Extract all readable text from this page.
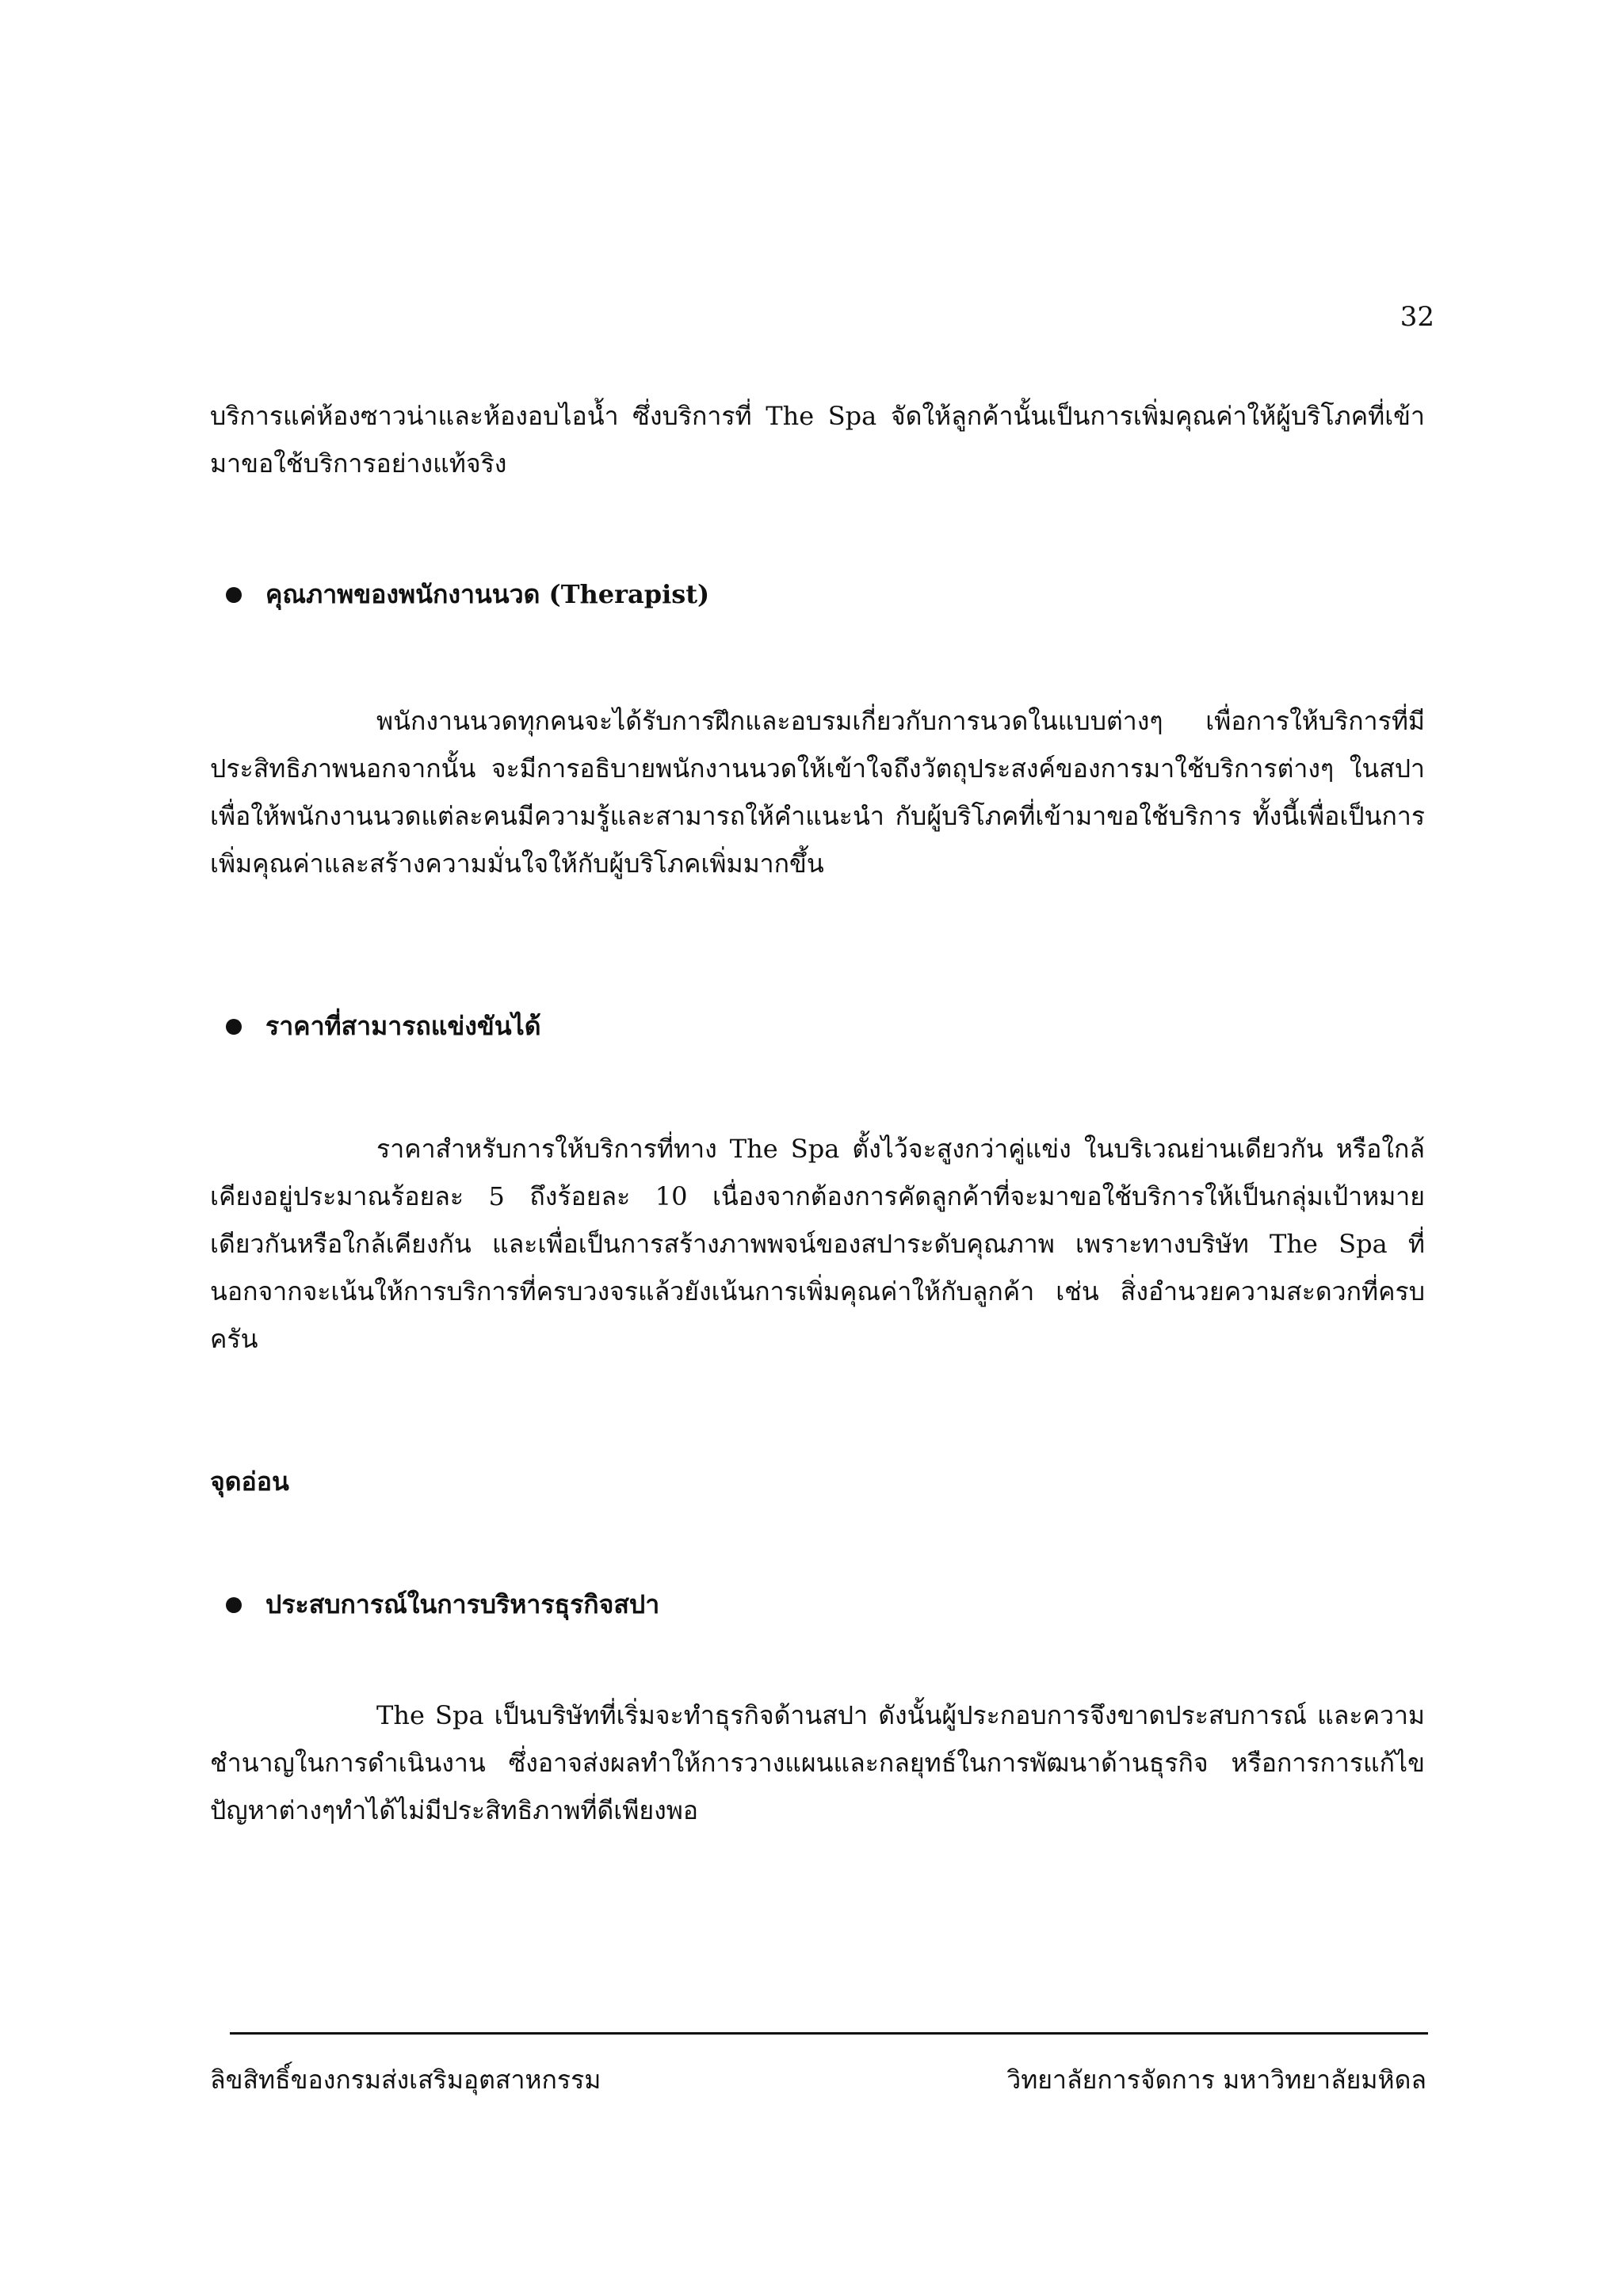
32

บริการแค่ห้องซาวน่าและห้องอบไอน้ำ ซึ่งบริการที่ The Spa จัดให้ลูกค้านั้นเป็นการเพิ่มคุณค่าให้ผู้บริโภคที่เข้ามาขอใช้บริการอย่างแท้จริง

คุณภาพของพนักงานนวด (Therapist)

พนักงานนวดทุกคนจะได้รับการฝึกและอบรมเกี่ยวกับการนวดในแบบต่างๆ เพื่อการให้บริการที่มีประสิทธิภาพนอกจากนั้น จะมีการอธิบายพนักงานนวดให้เข้าใจถึงวัตถุประสงค์ของการมาใช้บริการต่างๆ ในสปา เพื่อให้พนักงานนวดแต่ละคนมีความรู้และสามารถให้คำแนะนำ กับผู้บริโภคที่เข้ามาขอใช้บริการ ทั้งนี้เพื่อเป็นการเพิ่มคุณค่าและสร้างความมั่นใจให้กับผู้บริโภคเพิ่มมากขึ้น

ราคาที่สามารถแข่งขันได้

ราคาสำหรับการให้บริการที่ทาง The Spa ตั้งไว้จะสูงกว่าคู่แข่ง ในบริเวณย่านเดียวกัน หรือใกล้เคียงอยู่ประมาณร้อยละ 5 ถึงร้อยละ 10 เนื่องจากต้องการคัดลูกค้าที่จะมาขอใช้บริการให้เป็นกลุ่มเป้าหมายเดียวกันหรือใกล้เคียงกัน และเพื่อเป็นการสร้างภาพพจน์ของสปาระดับคุณภาพ เพราะทางบริษัท The Spa ที่นอกจากจะเน้นให้การบริการที่ครบวงจรแล้วยังเน้นการเพิ่มคุณค่าให้กับลูกค้า เช่น สิ่งอำนวยความสะดวกที่ครบครัน

จุดอ่อน
ประสบการณ์ในการบริหารธุรกิจสปา

The Spa เป็นบริษัทที่เริ่มจะทำธุรกิจด้านสปา ดังนั้นผู้ประกอบการจึงขาดประสบการณ์ และความชำนาญในการดำเนินงาน ซึ่งอาจส่งผลทำให้การวางแผนและกลยุทธ์ในการพัฒนาด้านธุรกิจ หรือการการแก้ไขปัญหาต่างๆทำได้ไม่มีประสิทธิภาพที่ดีเพียงพอ

ลิขสิทธิ์ของกรมส่งเสริมอุตสาหกรรม	วิทยาลัยการจัดการ มหาวิทยาลัยมหิดล
